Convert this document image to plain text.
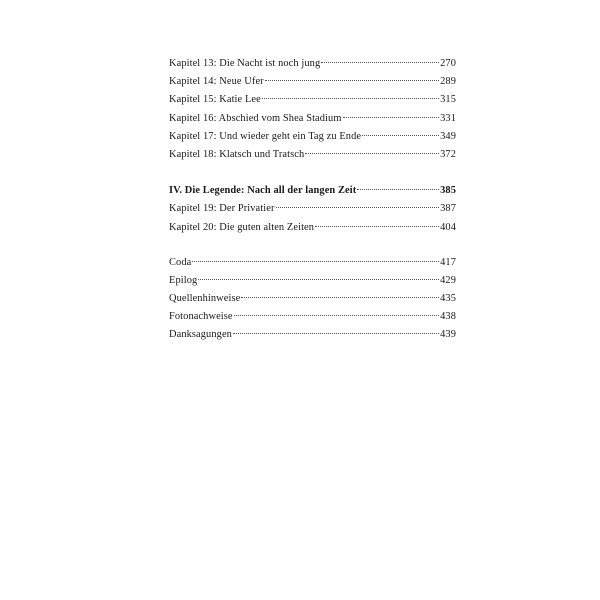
Kapitel 13: Die Nacht ist noch jung	270
Kapitel 14: Neue Ufer	289
Kapitel 15: Katie Lee	315
Kapitel 16: Abschied vom Shea Stadium	331
Kapitel 17: Und wieder geht ein Tag zu Ende	349
Kapitel 18: Klatsch und Tratsch	372
IV. Die Legende: Nach all der langen Zeit	385
Kapitel 19: Der Privatier	387
Kapitel 20: Die guten alten Zeiten	404
Coda	417
Epilog	429
Quellenhinweise	435
Fotonachweise	438
Danksagungen	439
